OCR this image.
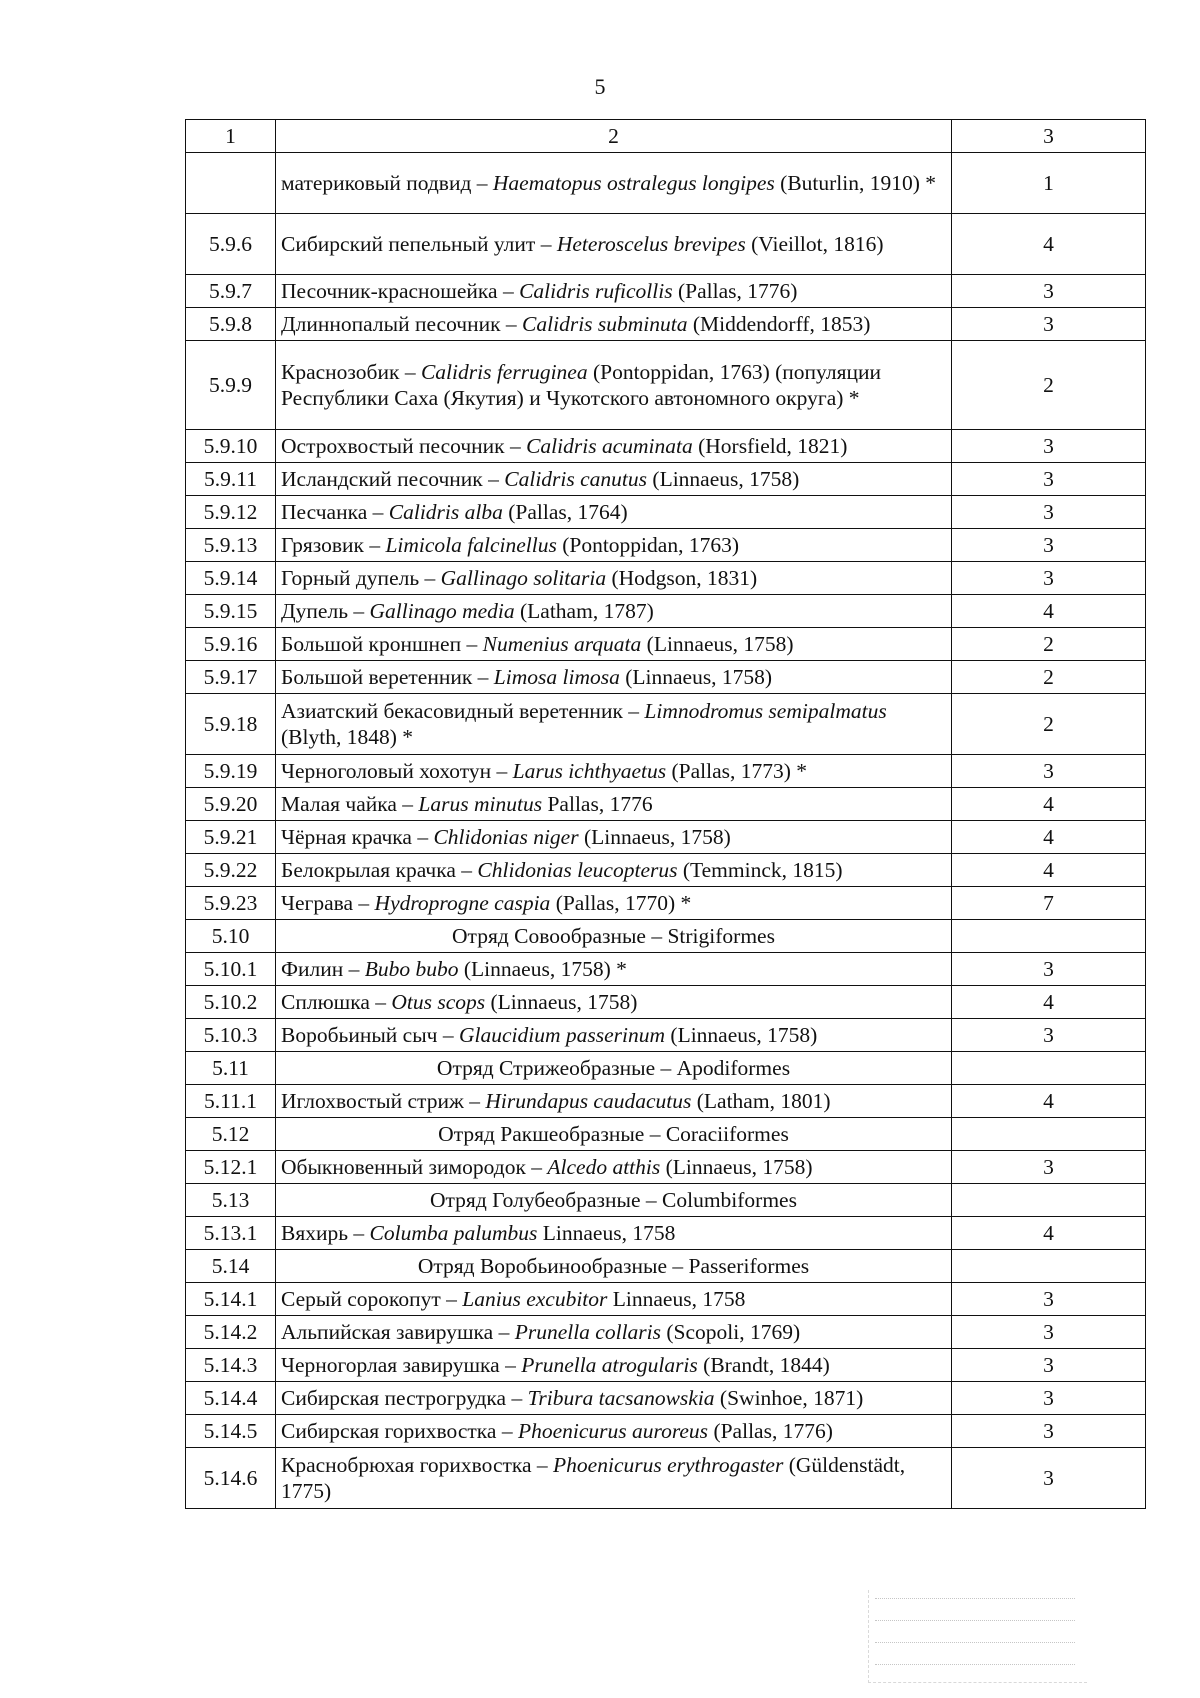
5
1	2	3
	материковый подвид – Haematopus ostralegus longipes (Buturlin, 1910) *	1
5.9.6	Сибирский пепельный улит – Heteroscelus brevipes (Vieillot, 1816)	4
5.9.7	Песочник-красношейка – Calidris ruficollis (Pallas, 1776)	3
5.9.8	Длиннопалый песочник – Calidris subminuta (Middendorff, 1853)	3
5.9.9	Краснозобик – Calidris ferruginea (Pontoppidan, 1763) (популяции Республики Саха (Якутия) и Чукотского автономного округа) *	2
5.9.10	Острохвостый песочник – Calidris acuminata (Horsfield, 1821)	3
5.9.11	Исландский песочник – Calidris canutus (Linnaeus, 1758)	3
5.9.12	Песчанка – Calidris alba (Pallas, 1764)	3
5.9.13	Грязовик – Limicola falcinellus (Pontoppidan, 1763)	3
5.9.14	Горный дупель – Gallinago solitaria (Hodgson, 1831)	3
5.9.15	Дупель – Gallinago media (Latham, 1787)	4
5.9.16	Большой кроншнеп – Numenius arquata (Linnaeus, 1758)	2
5.9.17	Большой веретенник – Limosa limosa (Linnaeus, 1758)	2
5.9.18	Азиатский бекасовидный веретенник – Limnodromus semipalmatus (Blyth, 1848) *	2
5.9.19	Черноголовый хохотун – Larus ichthyaetus (Pallas, 1773) *	3
5.9.20	Малая чайка – Larus minutus Pallas, 1776	4
5.9.21	Чёрная крачка – Chlidonias niger (Linnaeus, 1758)	4
5.9.22	Белокрылая крачка – Chlidonias leucopterus (Temminck, 1815)	4
5.9.23	Чеграва – Hydroprogne caspia (Pallas, 1770) *	7
5.10	Отряд Совообразные – Strigiformes	
5.10.1	Филин – Bubo bubo (Linnaeus, 1758) *	3
5.10.2	Сплюшка – Otus scops (Linnaeus, 1758)	4
5.10.3	Воробьиный сыч – Glaucidium passerinum (Linnaeus, 1758)	3
5.11	Отряд Стрижеобразные – Apodiformes	
5.11.1	Иглохвостый стриж – Hirundapus caudacutus (Latham, 1801)	4
5.12	Отряд Ракшеобразные – Coraciiformes	
5.12.1	Обыкновенный зимородок – Alcedo atthis (Linnaeus, 1758)	3
5.13	Отряд Голубеобразные – Columbiformes	
5.13.1	Вяхирь – Columba palumbus Linnaeus, 1758	4
5.14	Отряд Воробьинообразные – Passeriformes	
5.14.1	Серый сорокопут – Lanius excubitor Linnaeus, 1758	3
5.14.2	Альпийская завирушка – Prunella collaris (Scopoli, 1769)	3
5.14.3	Черногорлая завирушка – Prunella atrogularis (Brandt, 1844)	3
5.14.4	Сибирская пестрогрудка – Tribura tacsanowskia (Swinhoe, 1871)	3
5.14.5	Сибирская горихвостка – Phoenicurus auroreus (Pallas, 1776)	3
5.14.6	Краснобрюхая горихвостка – Phoenicurus erythrogaster (Güldenstädt, 1775)	3
